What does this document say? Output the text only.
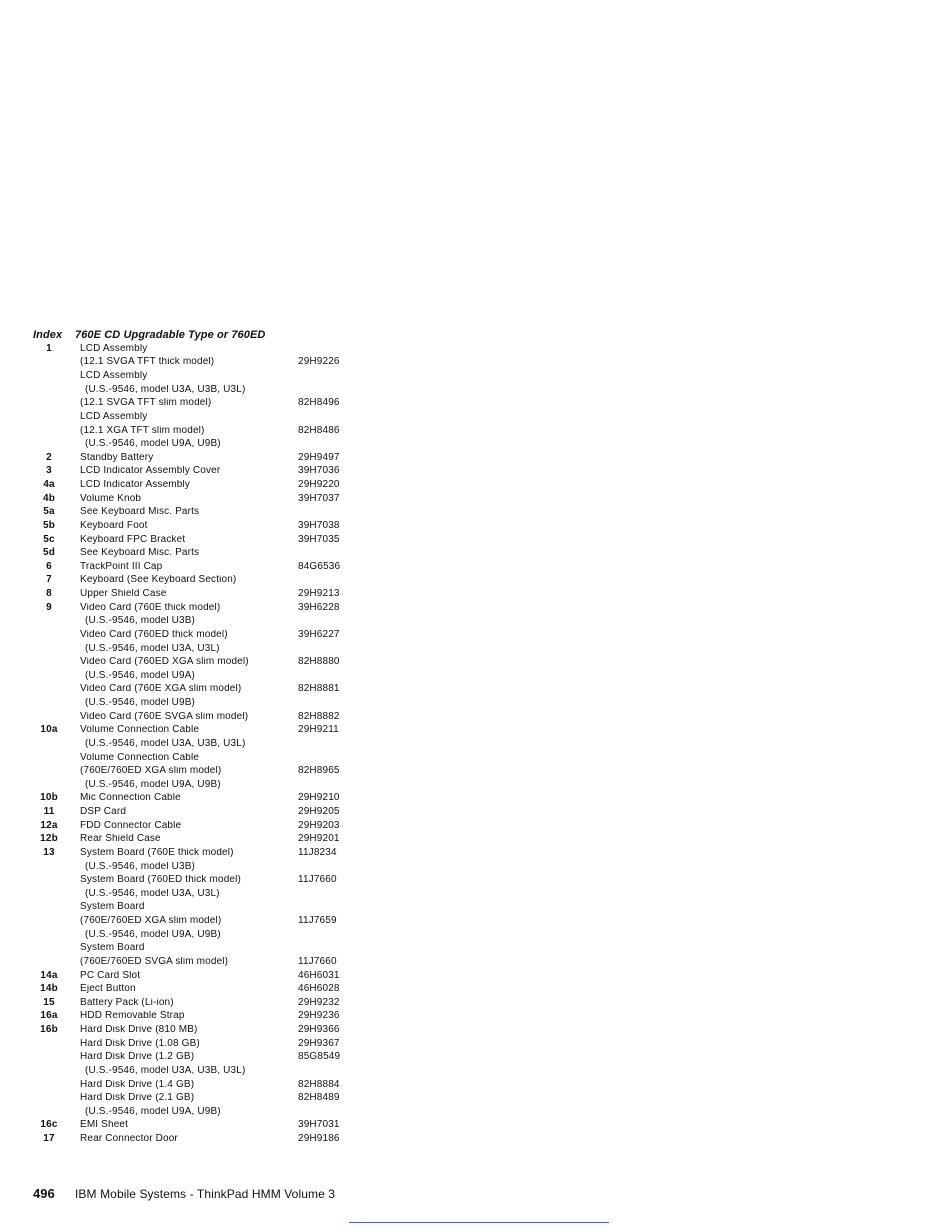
Index	760E CD Upgradable Type or 760ED
1	LCD Assembly
(12.1 SVGA TFT thick model)	29H9226
LCD Assembly
(U.S.-9546, model U3A, U3B, U3L)
(12.1 SVGA TFT slim model)	82H8496
LCD Assembly
(12.1 XGA TFT slim model)	82H8486
(U.S.-9546, model U9A, U9B)
2	Standby Battery	29H9497
3	LCD Indicator Assembly Cover	39H7036
4a	LCD Indicator Assembly	29H9220
4b	Volume Knob	39H7037
5a	See Keyboard Misc. Parts
5b	Keyboard Foot	39H7038
5c	Keyboard FPC Bracket	39H7035
5d	See Keyboard Misc. Parts
6	TrackPoint III Cap	84G6536
7	Keyboard (See Keyboard Section)
8	Upper Shield Case	29H9213
9	Video Card (760E thick model)	39H6228
(U.S.-9546, model U3B)
Video Card (760ED thick model)	39H6227
(U.S.-9546, model U3A, U3L)
Video Card (760ED XGA slim model)	82H8880
(U.S.-9546, model U9A)
Video Card (760E XGA slim model)	82H8881
(U.S.-9546, model U9B)
Video Card (760E SVGA slim model)	82H8882
10a	Volume Connection Cable	29H9211
(U.S.-9546, model U3A, U3B, U3L)
Volume Connection Cable
(760E/760ED XGA slim model)	82H8965
(U.S.-9546, model U9A, U9B)
10b	Mic Connection Cable	29H9210
11	DSP Card	29H9205
12a	FDD Connector Cable	29H9203
12b	Rear Shield Case	29H9201
13	System Board (760E thick model)	11J8234
(U.S.-9546, model U3B)
System Board (760ED thick model)	11J7660
(U.S.-9546, model U3A, U3L)
System Board
(760E/760ED XGA slim model)	11J7659
(U.S.-9546, model U9A, U9B)
System Board
(760E/760ED SVGA slim model)	11J7660
14a	PC Card Slot	46H6031
14b	Eject Button	46H6028
15	Battery Pack (Li-ion)	29H9232
16a	HDD Removable Strap	29H9236
16b	Hard Disk Drive (810 MB)	29H9366
Hard Disk Drive (1.08 GB)	29H9367
Hard Disk Drive (1.2 GB)	85G8549
(U.S.-9546, model U3A, U3B, U3L)
Hard Disk Drive (1.4 GB)	82H8884
Hard Disk Drive (2.1 GB)	82H8489
(U.S.-9546, model U9A, U9B)
16c	EMI Sheet	39H7031
17	Rear Connector Door	29H9186
496	IBM Mobile Systems - ThinkPad HMM Volume 3
